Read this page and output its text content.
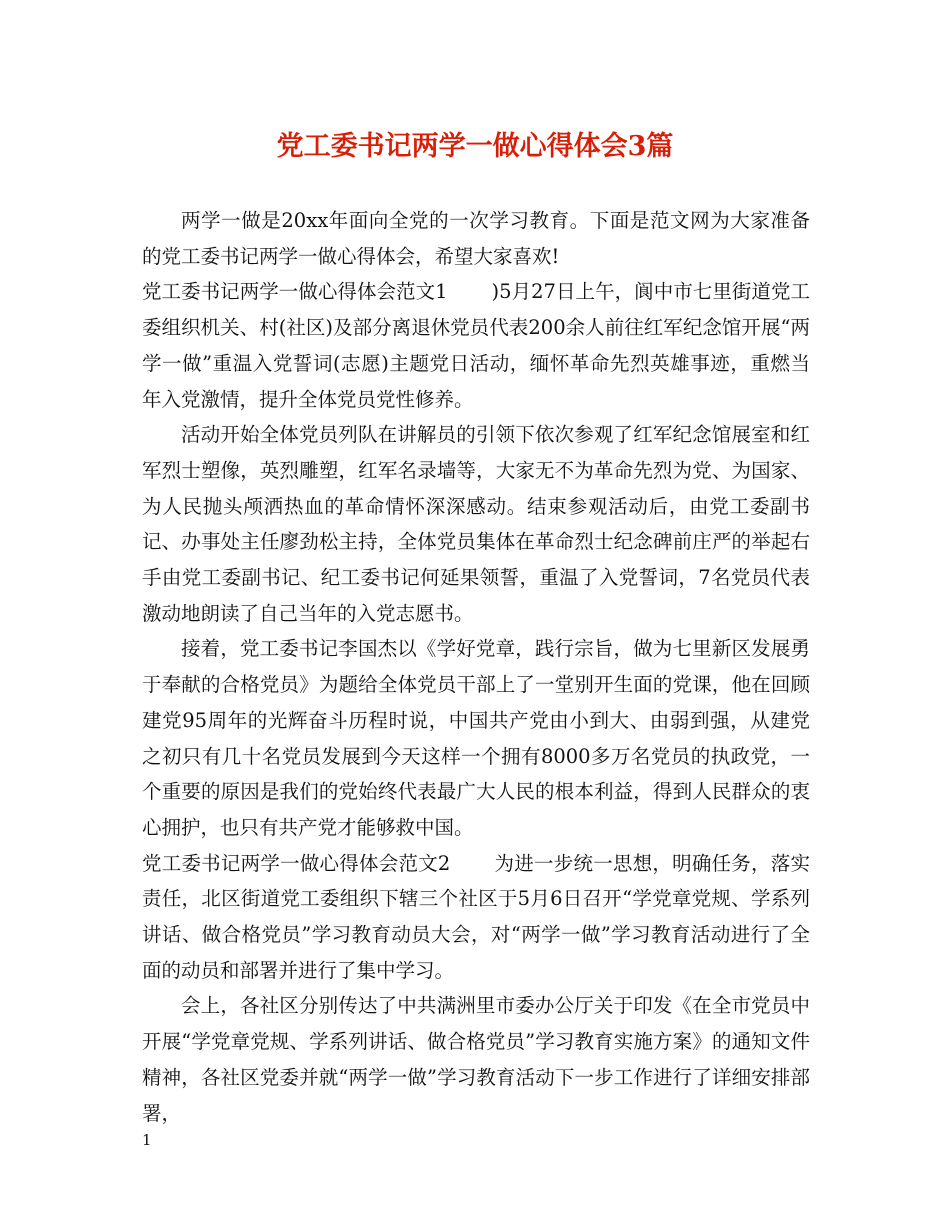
党工委书记两学一做心得体会3篇

两学一做是20xx年面向全党的一次学习教育。下面是范文网为大家准备的党工委书记两学一做心得体会，希望大家喜欢!

党工委书记两学一做心得体会范文1 )5月27日上午，阆中市七里街道党工委组织机关、村(社区)及部分离退休党员代表200余人前往红军纪念馆开展“两学一做”重温入党誓词(志愿)主题党日活动，缅怀革命先烈英雄事迹，重燃当年入党激情，提升全体党员党性修养。

活动开始全体党员列队在讲解员的引领下依次参观了红军纪念馆展室和红军烈士塑像，英烈雕塑，红军名录墙等，大家无不为革命先烈为党、为国家、为人民抛头颅洒热血的革命情怀深深感动。结束参观活动后，由党工委副书记、办事处主任廖劲松主持，全体党员集体在革命烈士纪念碑前庄严的举起右手由党工委副书记、纪工委书记何延果领誓，重温了入党誓词，7名党员代表激动地朗读了自己当年的入党志愿书。

接着，党工委书记李国杰以《学好党章，践行宗旨，做为七里新区发展勇于奉献的合格党员》为题给全体党员干部上了一堂别开生面的党课，他在回顾建党95周年的光辉奋斗历程时说，中国共产党由小到大、由弱到强，从建党之初只有几十名党员发展到今天这样一个拥有8000多万名党员的执政党，一个重要的原因是我们的党始终代表最广大人民的根本利益，得到人民群众的衷心拥护，也只有共产党才能够救中国。

党工委书记两学一做心得体会范文2 为进一步统一思想，明确任务，落实责任，北区街道党工委组织下辖三个社区于5月6日召开“学党章党规、学系列讲话、做合格党员”学习教育动员大会，对“两学一做”学习教育活动进行了全面的动员和部署并进行了集中学习。

会上，各社区分别传达了中共满洲里市委办公厅关于印发《在全市党员中开展“学党章党规、学系列讲话、做合格党员”学习教育实施方案》的通知文件精神，各社区党委并就“两学一做”学习教育活动下一步工作进行了详细安排部署，

1
